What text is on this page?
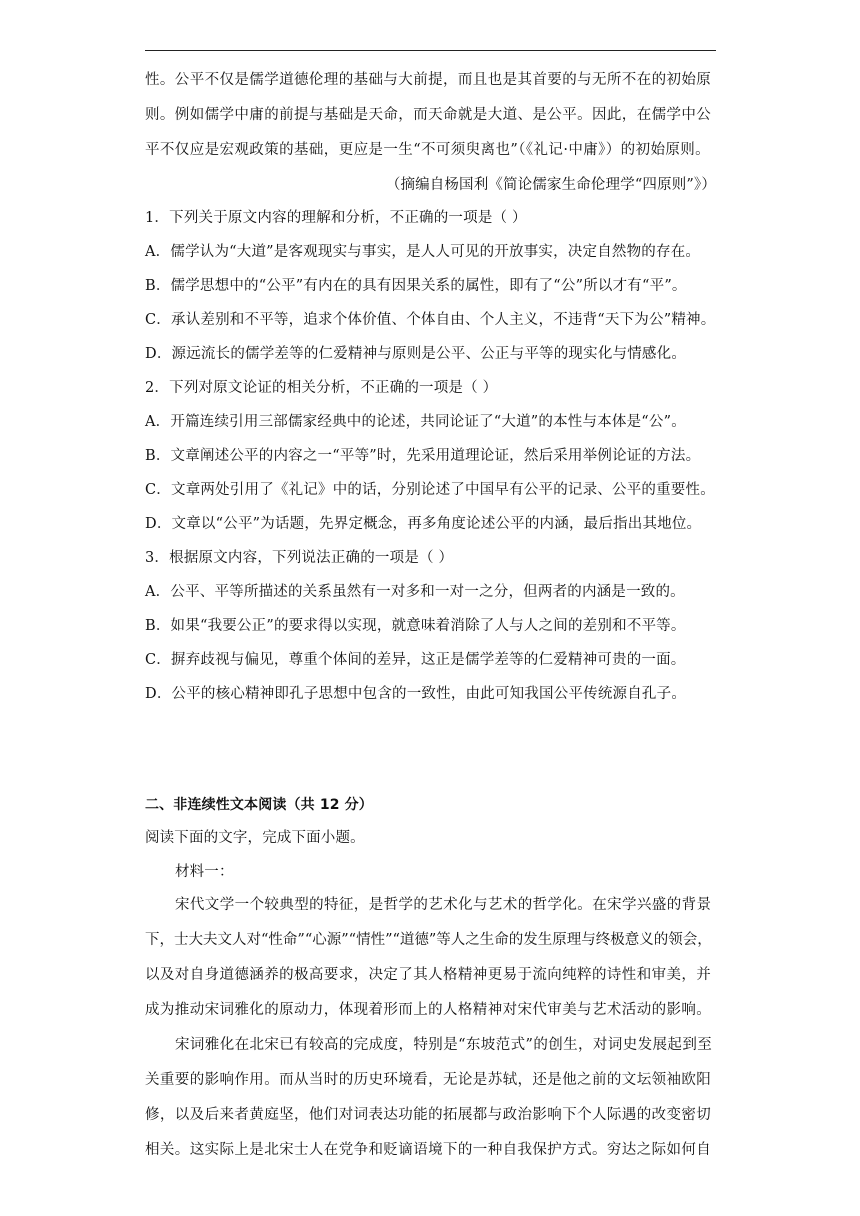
性。公平不仅是儒学道德伦理的基础与大前提，而且也是其首要的与无所不在的初始原
则。例如儒学中庸的前提与基础是天命，而天命就是大道、是公平。因此，在儒学中公
平不仅应是宏观政策的基础，更应是一生“不可须臾离也”（《礼记·中庸》）的初始原则。
（摘编自杨国利《简论儒家生命伦理学“四原则”》）
1．下列关于原文内容的理解和分析，不正确的一项是（ ）
A．儒学认为“大道”是客观现实与事实，是人人可见的开放事实，决定自然物的存在。
B．儒学思想中的“公平”有内在的具有因果关系的属性，即有了“公”所以才有“平”。
C．承认差别和不平等，追求个体价值、个体自由、个人主义，不违背“天下为公”精神。
D．源远流长的儒学差等的仁爱精神与原则是公平、公正与平等的现实化与情感化。
2．下列对原文论证的相关分析，不正确的一项是（ ）
A．开篇连续引用三部儒家经典中的论述，共同论证了“大道”的本性与本体是“公”。
B．文章阐述公平的内容之一“平等”时，先采用道理论证，然后采用举例论证的方法。
C．文章两处引用了《礼记》中的话，分别论述了中国早有公平的记录、公平的重要性。
D．文章以“公平”为话题，先界定概念，再多角度论述公平的内涵，最后指出其地位。
3．根据原文内容，下列说法正确的一项是（ ）
A．公平、平等所描述的关系虽然有一对多和一对一之分，但两者的内涵是一致的。
B．如果“我要公正”的要求得以实现，就意味着消除了人与人之间的差别和不平等。
C．摒弃歧视与偏见，尊重个体间的差异，这正是儒学差等的仁爱精神可贵的一面。
D．公平的核心精神即孔子思想中包含的一致性，由此可知我国公平传统源自孔子。
二、非连续性文本阅读（共 12 分）
阅读下面的文字，完成下面小题。
材料一：
宋代文学一个较典型的特征，是哲学的艺术化与艺术的哲学化。在宋学兴盛的背景
下，士大夫文人对“性命”“心源”“情性”“道德”等人之生命的发生原理与终极意义的领会，
以及对自身道德涵养的极高要求，决定了其人格精神更易于流向纯粹的诗性和审美，并
成为推动宋词雅化的原动力，体现着形而上的人格精神对宋代审美与艺术活动的影响。
宋词雅化在北宋已有较高的完成度，特别是“东坡范式”的创生，对词史发展起到至
关重要的影响作用。而从当时的历史环境看，无论是苏轼，还是他之前的文坛领袖欧阳
修，以及后来者黄庭坚，他们对词表达功能的拓展都与政治影响下个人际遇的改变密切
相关。这实际上是北宋士人在党争和贬谪语境下的一种自我保护方式。穷达之际如何自
